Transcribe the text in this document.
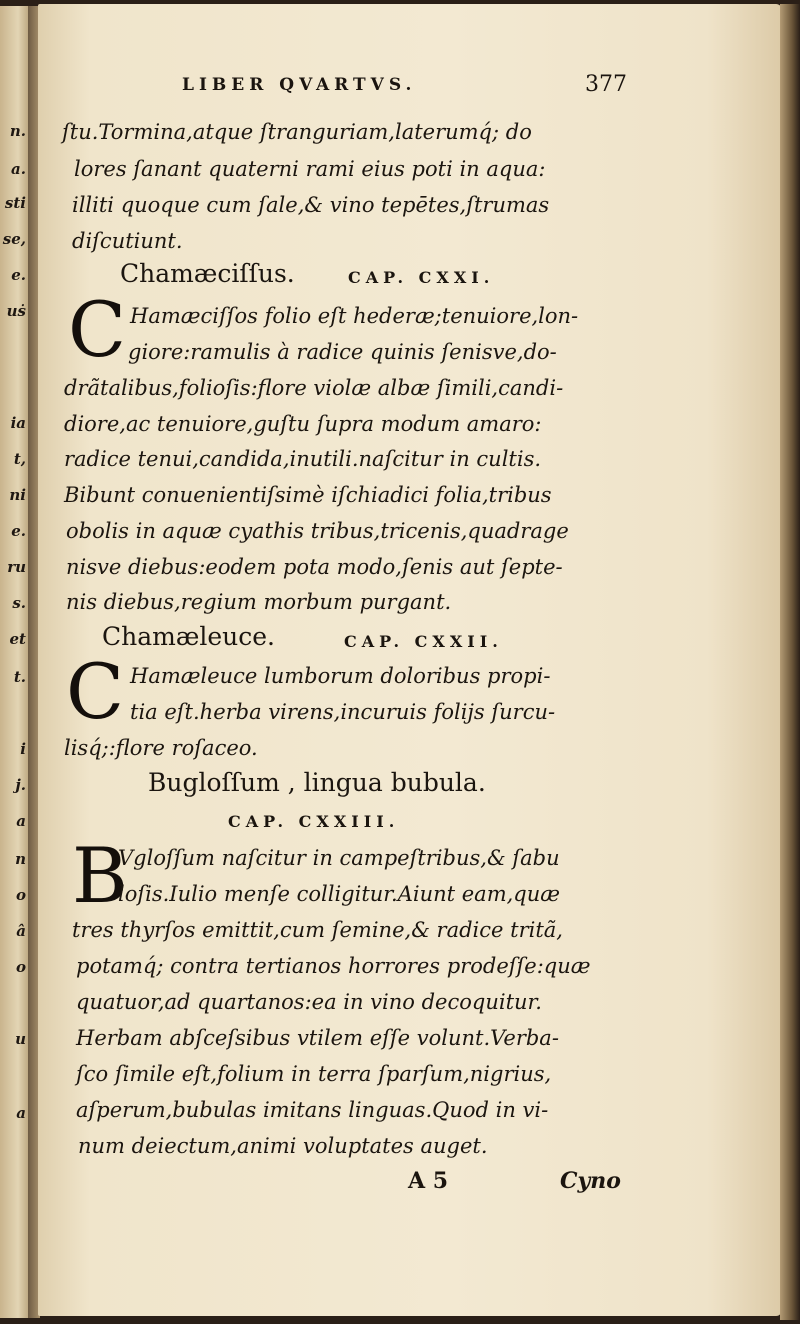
n.
a.
sti
se,
e.
uṡ
ia
t,
ni
e.
ru
s.
et
t.
i
j.
a
n
o
â
o
u
a
LIBER QVARTVS.	377
ſtu.Tormina,atque ſtranguriam,laterumq́; do
lores ſanant quaterni rami eius poti in aqua:
illiti quoque cum ſale,& vino tepētes,ſtrumas
diſcutiunt.
Chamæciſſus.	CAP. CXXI.
C Hamæciſſos folio eſt hederæ;tenuiore,lon-
giore:ramulis à radice quinis ſenisve,do-
drãtalibus,folioſis:flore violæ albæ ſimili,candi-
diore,ac tenuiore,guſtu ſupra modum amaro:
radice tenui,candida,inutili.naſcitur in cultis.
Bibunt conuenientiſsimè iſchiadici folia,tribus
obolis in aquæ cyathis tribus,tricenis,quadrage
nisve diebus:eodem pota modo,ſenis aut ſepte-
nis diebus,regium morbum purgant.
Chamæleuce.	CAP. CXXII.
C Hamæleuce lumborum doloribus propi-
tia eſt.herba virens,incuruis folijs ſurcu-
lisq́;:flore roſaceo.
Bugloſſum , lingua bubula.
CAP. CXXIII.
B
Vgloſſum naſcitur in campeſtribus,& ſabu
loſis.Iulio menſe colligitur.Aiunt eam,quæ
tres thyrſos emittit,cum ſemine,& radice tritã,
potamq́; contra tertianos horrores prodeſſe:quæ
quatuor,ad quartanos:ea in vino decoquitur.
Herbam abſceſsibus vtilem eſſe volunt.Verba-
ſco ſimile eſt,folium in terra ſparſum,nigrius,
aſperum,bubulas imitans linguas.Quod in vi-
num deiectum,animi voluptates auget.
A 5	Cyno
